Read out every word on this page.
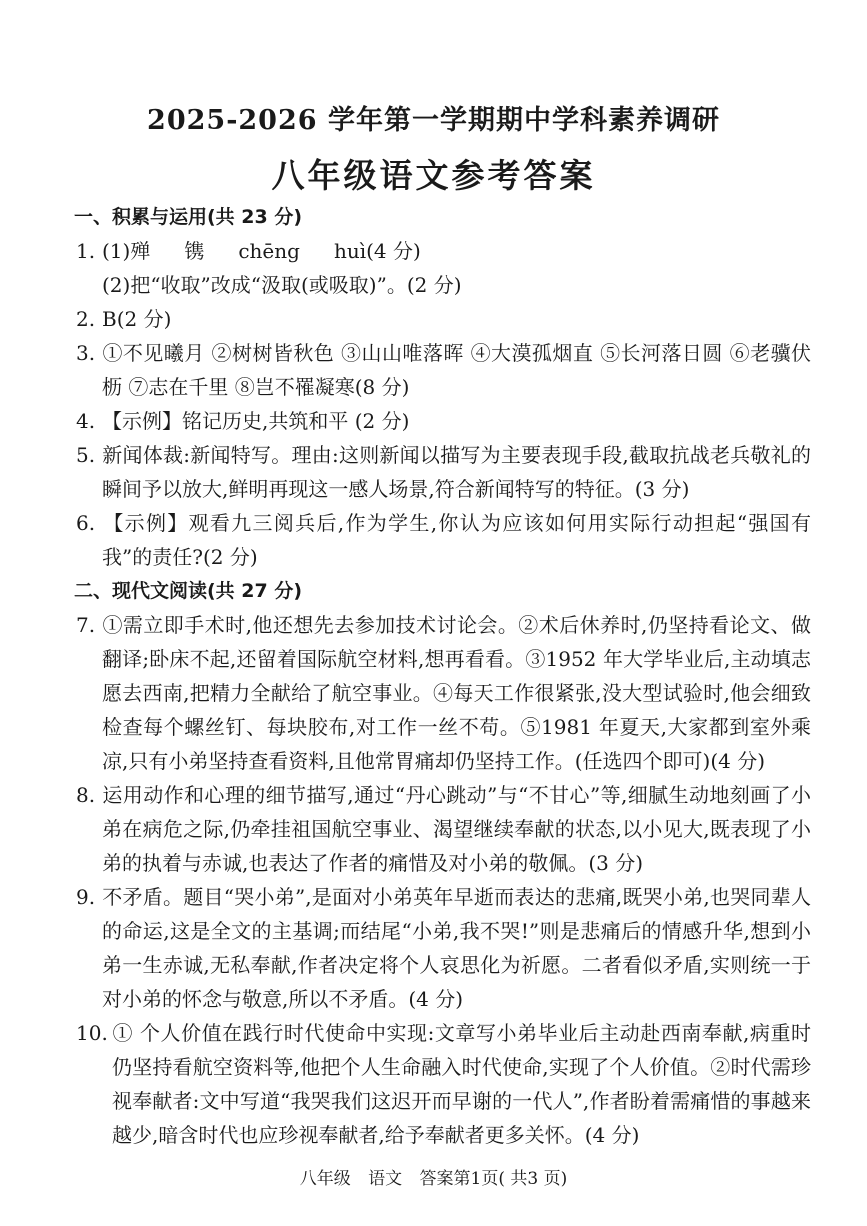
2025-2026 学年第一学期期中学科素养调研
八年级语文参考答案
一、积累与运用(共 23 分)
1. (1)殚 镌 chēng huì(4 分)
(2)把“收取”改成“汲取(或吸取)”。(2 分)
2. B(2 分)
3. ①不见曦月 ②树树皆秋色 ③山山唯落晖 ④大漠孤烟直 ⑤长河落日圆 ⑥老骥伏枥 ⑦志在千里 ⑧岂不罹凝寒(8 分)
4. 【示例】铭记历史,共筑和平 (2 分)
5. 新闻体裁:新闻特写。理由:这则新闻以描写为主要表现手段,截取抗战老兵敬礼的瞬间予以放大,鲜明再现这一感人场景,符合新闻特写的特征。(3 分)
6. 【示例】观看九三阅兵后,作为学生,你认为应该如何用实际行动担起“强国有我”的责任?(2 分)
二、现代文阅读(共 27 分)
7. ①需立即手术时,他还想先去参加技术讨论会。②术后休养时,仍坚持看论文、做翻译;卧床不起,还留着国际航空材料,想再看看。③1952 年大学毕业后,主动填志愿去西南,把精力全献给了航空事业。④每天工作很紧张,没大型试验时,他会细致检查每个螺丝钉、每块胶布,对工作一丝不苟。⑤1981 年夏天,大家都到室外乘凉,只有小弟坚持查看资料,且他常胃痛却仍坚持工作。(任选四个即可)(4 分)
8. 运用动作和心理的细节描写,通过“丹心跳动”与“不甘心”等,细腻生动地刻画了小弟在病危之际,仍牵挂祖国航空事业、渴望继续奉献的状态,以小见大,既表现了小弟的执着与赤诚,也表达了作者的痛惜及对小弟的敬佩。(3 分)
9. 不矛盾。题目“哭小弟”,是面对小弟英年早逝而表达的悲痛,既哭小弟,也哭同辈人的命运,这是全文的主基调;而结尾“小弟,我不哭!”则是悲痛后的情感升华,想到小弟一生赤诚,无私奉献,作者决定将个人哀思化为祈愿。二者看似矛盾,实则统一于对小弟的怀念与敬意,所以不矛盾。(4 分)
10. ① 个人价值在践行时代使命中实现:文章写小弟毕业后主动赴西南奉献,病重时仍坚持看航空资料等,他把个人生命融入时代使命,实现了个人价值。②时代需珍视奉献者:文中写道“我哭我们这迟开而早谢的一代人”,作者盼着需痛惜的事越来越少,暗含时代也应珍视奉献者,给予奉献者更多关怀。(4 分)
八年级 语文 答案第1页( 共3 页)
